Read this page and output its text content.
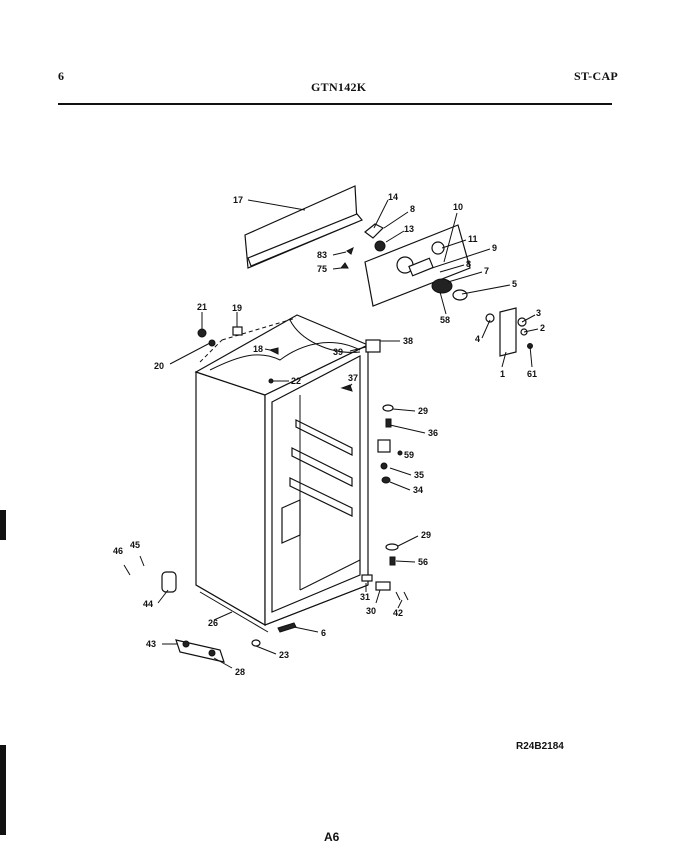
6
GTN142K
ST-CAP
17	14
8
13
83
75
10
11
9
8
7
5
58
3
2
4
1 61
21	19
20
18	39
38
22	37
29
36
59
35
34
29
56
31
30 42
6
23
26
44
46
45
43
28
R24B2184
A6
